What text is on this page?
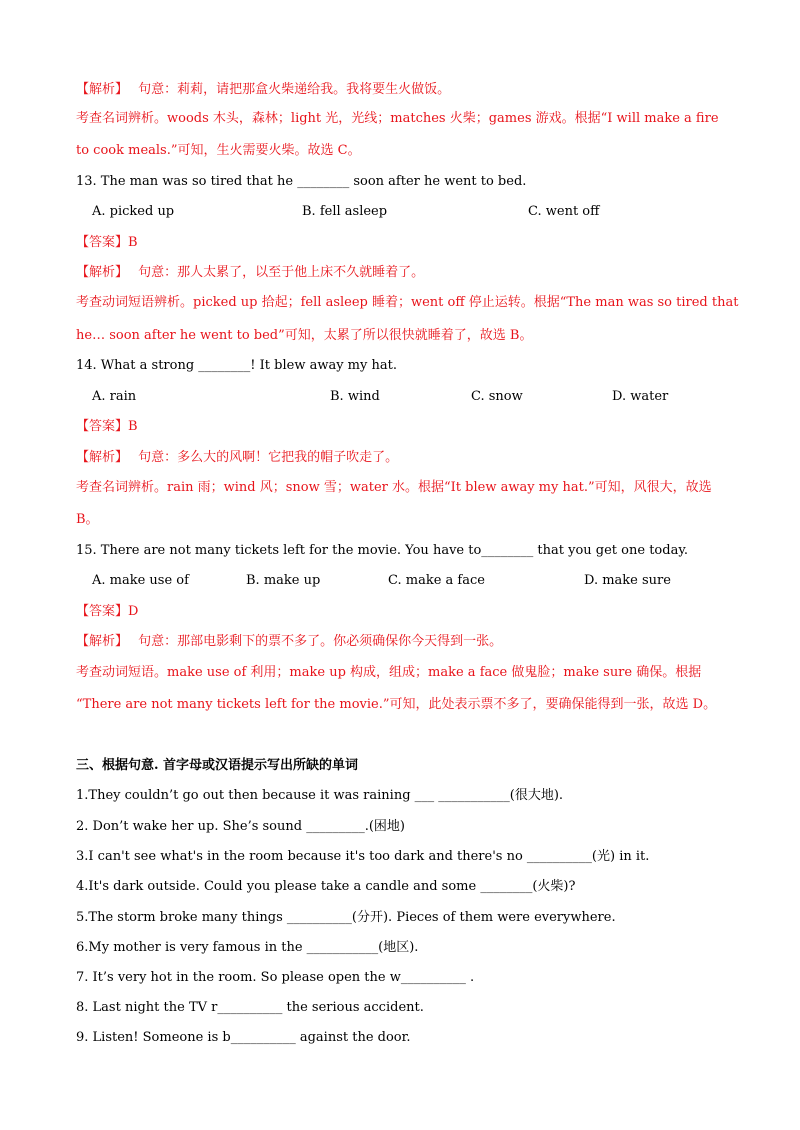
【解析】 句意：莉莉，请把那盒火柴递给我。我将要生火做饭。
考查名词辨析。woods 木头，森林；light 光，光线；matches 火柴；games 游戏。根据“I will make a fire
to cook meals.”可知，生火需要火柴。故选 C。
13. The man was so tired that he ________ soon after he went to bed.
A. picked up	B. fell asleep	C. went off
【答案】B
【解析】 句意：那人太累了，以至于他上床不久就睡着了。
考查动词短语辨析。picked up 拾起；fell asleep 睡着；went off 停止运转。根据“The man was so tired that
he… soon after he went to bed”可知，太累了所以很快就睡着了，故选 B。
14. What a strong ________! It blew away my hat.
A. rain	B. wind	C. snow	D. water
【答案】B
【解析】 句意：多么大的风啊！它把我的帽子吹走了。
考查名词辨析。rain 雨；wind 风；snow 雪；water 水。根据“It blew away my hat.”可知，风很大，故选
B。
15. There are not many tickets left for the movie. You have to________ that you get one today.
A. make use of	B. make up	C. make a face	D. make sure
【答案】D
【解析】 句意：那部电影剩下的票不多了。你必须确保你今天得到一张。
考查动词短语。make use of 利用；make up 构成，组成；make a face 做鬼脸；make sure 确保。根据
“There are not many tickets left for the movie.”可知，此处表示票不多了，要确保能得到一张，故选 D。
三、根据句意. 首字母或汉语提示写出所缺的单词
1.They couldn’t go out then because it was raining ___ ___________(很大地).
2. Don’t wake her up. She’s sound _________.(困地)
3.I can't see what's in the room because it's too dark and there's no __________(光) in it.
4.It's dark outside. Could you please take a candle and some ________(火柴)?
5.The storm broke many things __________(分开). Pieces of them were everywhere.
6.My mother is very famous in the ___________(地区).
7. It’s very hot in the room. So please open the w__________ .
8. Last night the TV r__________ the serious accident.
9. Listen! Someone is b__________ against the door.
